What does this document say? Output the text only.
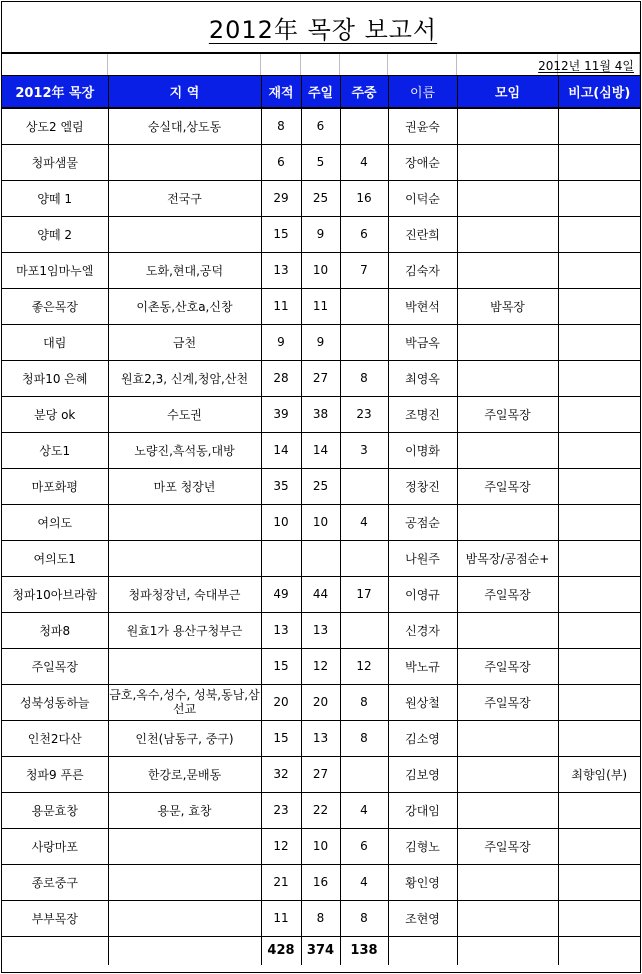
2012年 목장 보고서
2012년 11월 4일
2012年 목장	지 역	재적	주일	주중	이름	모임	비고(심방)
상도2 엘림	숭실대,상도동	8	6		권윤숙		
청파샘물		6	5	4	장애순		
양떼 1	전국구	29	25	16	이덕순		
양떼 2		15	9	6	진란희		
마포1임마누엘	도화,현대,공덕	13	10	7	김숙자		
좋은목장	이촌동,산호a,신창	11	11		박현석	밤목장	
대림	금천	9	9		박금옥		
청파10 은혜	원효2,3, 신계,청암,산천	28	27	8	최영옥		
분당 ok	수도권	39	38	23	조명진	주일목장	
상도1	노량진,흑석동,대방	14	14	3	이명화		
마포화평	마포 청장년	35	25		정창진	주일목장	
여의도		10	10	4	공점순		
여의도1					나원주	밤목장/공점순+	
청파10아브라함	청파청장년, 숙대부근	49	44	17	이영규	주일목장	
청파8	원효1가 용산구청부근	13	13		신경자		
주일목장		15	12	12	박노규	주일목장	
성북성동하늘	금호,옥수,성수, 성북,동남,삼선교	20	20	8	원상철	주일목장	
인천2다산	인천(남동구, 중구)	15	13	8	김소영		
청파9 푸른	한강로,문배동	32	27		김보영		최향임(부)
용문효창	용문, 효창	23	22	4	강대임		
사랑마포		12	10	6	김형노	주일목장	
종로중구		21	16	4	황인영		
부부목장		11	8	8	조현영		
		428	374	138			
